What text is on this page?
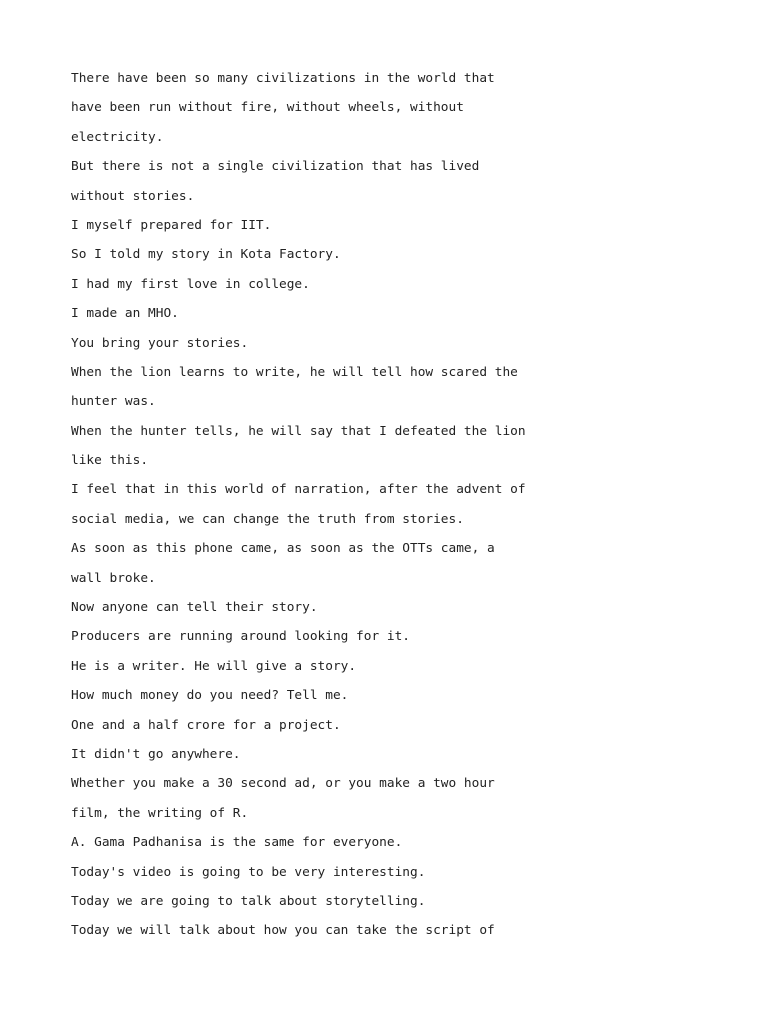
There have been so many civilizations in the world that

have been run without fire, without wheels, without

electricity.

But there is not a single civilization that has lived

without stories.

I myself prepared for IIT.

So I told my story in Kota Factory.

I had my first love in college.

I made an MHO.

You bring your stories.

When the lion learns to write, he will tell how scared the

hunter was.

When the hunter tells, he will say that I defeated the lion

like this.

I feel that in this world of narration, after the advent of

social media, we can change the truth from stories.

As soon as this phone came, as soon as the OTTs came, a

wall broke.

Now anyone can tell their story.

Producers are running around looking for it.

He is a writer. He will give a story.

How much money do you need? Tell me.

One and a half crore for a project.

It didn't go anywhere.

Whether you make a 30 second ad, or you make a two hour

film, the writing of R.

A. Gama Padhanisa is the same for everyone.

Today's video is going to be very interesting.

Today we are going to talk about storytelling.

Today we will talk about how you can take the script of
